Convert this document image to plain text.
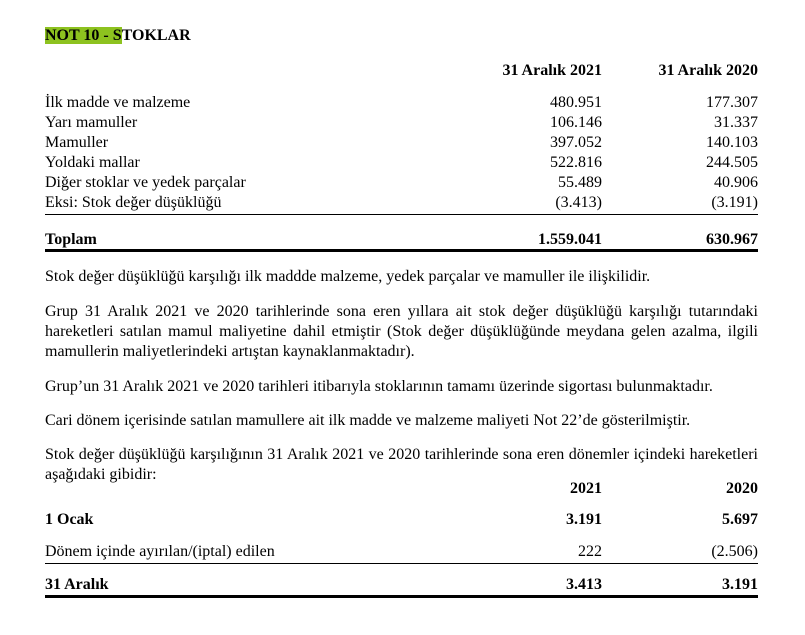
NOT 10 - STOKLAR
31 Aralık 2021	31 Aralık 2020
İlk madde ve malzeme	480.951	177.307
Yarı mamuller	106.146	31.337
Mamuller	397.052	140.103
Yoldaki mallar	522.816	244.505
Diğer stoklar ve yedek parçalar	55.489	40.906
Eksi: Stok değer düşüklüğü	(3.413)	(3.191)
Toplam	1.559.041	630.967
Stok değer düşüklüğü karşılığı ilk maddde malzeme, yedek parçalar ve mamuller ile ilişkilidir.
Grup 31 Aralık 2021 ve 2020 tarihlerinde sona eren yıllara ait stok değer düşüklüğü karşılığı tutarındaki hareketleri satılan mamul maliyetine dahil etmiştir (Stok değer düşüklüğünde meydana gelen azalma, ilgili mamullerin maliyetlerindeki artıştan kaynaklanmaktadır).
Grup’un 31 Aralık 2021 ve 2020 tarihleri itibarıyla stoklarının tamamı üzerinde sigortası bulunmaktadır.
Cari dönem içerisinde satılan mamullere ait ilk madde ve malzeme maliyeti Not 22’de gösterilmiştir.
Stok değer düşüklüğü karşılığının 31 Aralık 2021 ve 2020 tarihlerinde sona eren dönemler içindeki hareketleri aşağıdaki gibidir:
2021	2020
1 Ocak	3.191	5.697
Dönem içinde ayırılan/(iptal) edilen	222	(2.506)
31 Aralık	3.413	3.191
